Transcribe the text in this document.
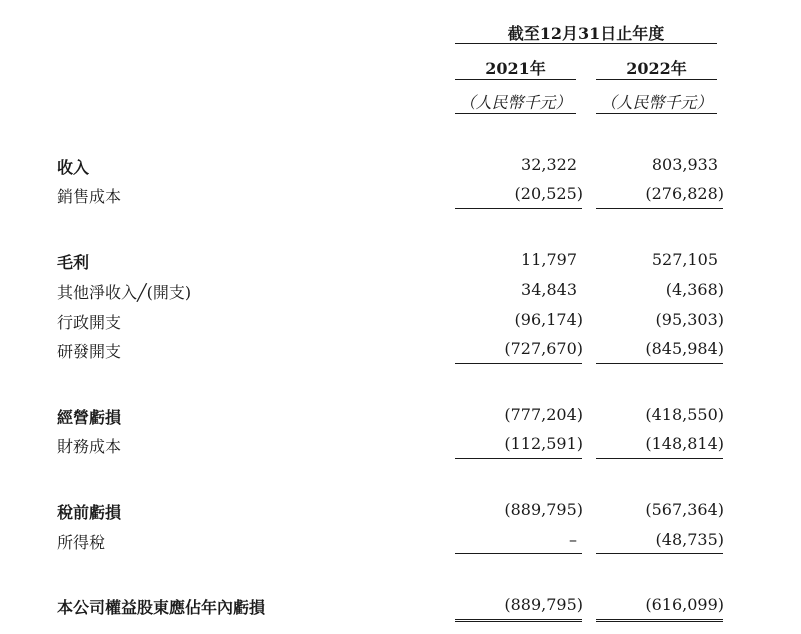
截至12月31日止年度
2021年	2022年
（人民幣千元）	（人民幣千元）
收入	32,322	803,933
銷售成本	(20,525)	(276,828)
毛利	11,797	527,105
其他淨收入╱(開支)	34,843	(4,368)
行政開支	(96,174)	(95,303)
研發開支	(727,670)	(845,984)
經營虧損	(777,204)	(418,550)
財務成本	(112,591)	(148,814)
稅前虧損	(889,795)	(567,364)
所得稅	–	(48,735)
本公司權益股東應佔年內虧損	(889,795)	(616,099)
